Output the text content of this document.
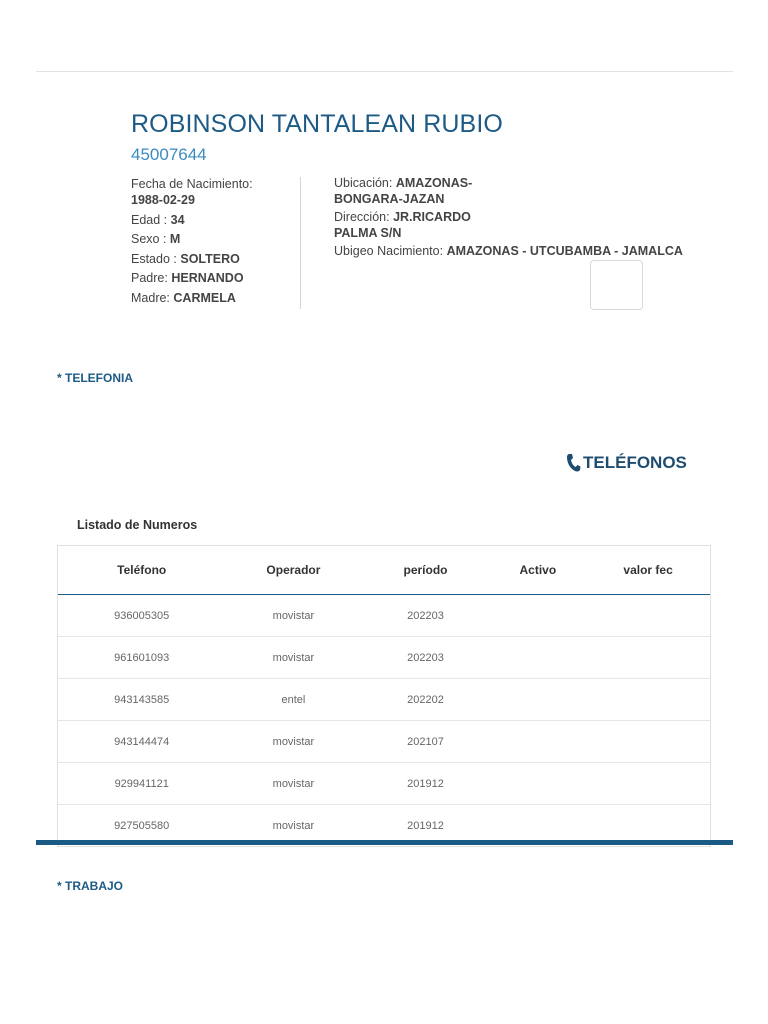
ROBINSON TANTALEAN RUBIO
45007644
Fecha de Nacimiento:
1988-02-29
Edad : 34
Sexo : M
Estado : SOLTERO
Padre: HERNANDO
Madre: CARMELA
Ubicación: AMAZONAS-BONGARA-JAZAN
Dirección: JR.RICARDO PALMA S/N
Ubigeo Nacimiento: AMAZONAS - UTCUBAMBA - JAMALCA
* TELEFONIA
TELÉFONOS
Listado de Numeros
Teléfono	Operador	período	Activo	valor fec
936005305	movistar	202203		
961601093	movistar	202203		
943143585	entel	202202		
943144474	movistar	202107		
929941121	movistar	201912		
927505580	movistar	201912		
* TRABAJO
